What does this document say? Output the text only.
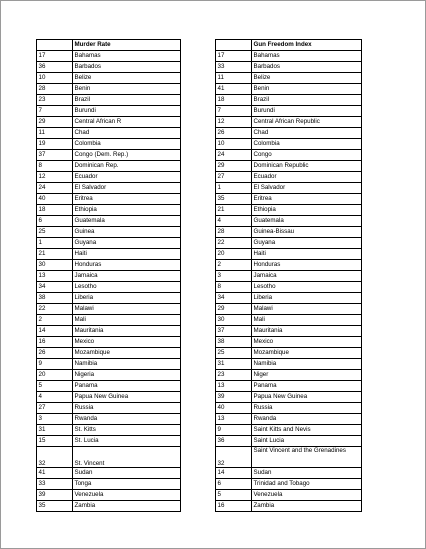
	Murder Rate
17	Bahamas
36	Barbados
10	Belize
28	Benin
23	Brazil
7	Burundi
29	Central African R
11	Chad
19	Colombia
37	Congo (Dem. Rep.)
8	Dominican Rep.
12	Ecuador
24	El Salvador
40	Eritrea
18	Ethiopia
6	Guatemala
25	Guinea
1	Guyana
21	Haiti
30	Honduras
13	Jamaica
34	Lesotho
38	Liberia
22	Malawi
2	Mali
14	Mauritania
16	Mexico
26	Mozambique
9	Namibia
20	Nigeria
5	Panama
4	Papua New Guinea
27	Russia
3	Rwanda
31	St. Kitts
15	St. Lucia
32	St. Vincent
41	Sudan
33	Tonga
39	Venezuela
35	Zambia
	Gun Freedom Index
17	Bahamas
33	Barbados
11	Belize
41	Benin
18	Brazil
7	Burundi
12	Central African Republic
26	Chad
10	Colombia
24	Congo
29	Dominican Republic
27	Ecuador
1	El Salvador
35	Eritrea
21	Ethiopia
4	Guatemala
28	Guinea-Bissau
22	Guyana
20	Haiti
2	Honduras
3	Jamaica
8	Lesotho
34	Liberia
29	Malawi
30	Mali
37	Mauritania
38	Mexico
25	Mozambique
31	Namibia
23	Niger
13	Panama
39	Papua New Guinea
40	Russia
13	Rwanda
9	Saint Kitts and Nevis
36	Saint Lucia
32	Saint Vincent and the Grenadines
14	Sudan
6	Trinidad and Tobago
5	Venezuela
16	Zambia
